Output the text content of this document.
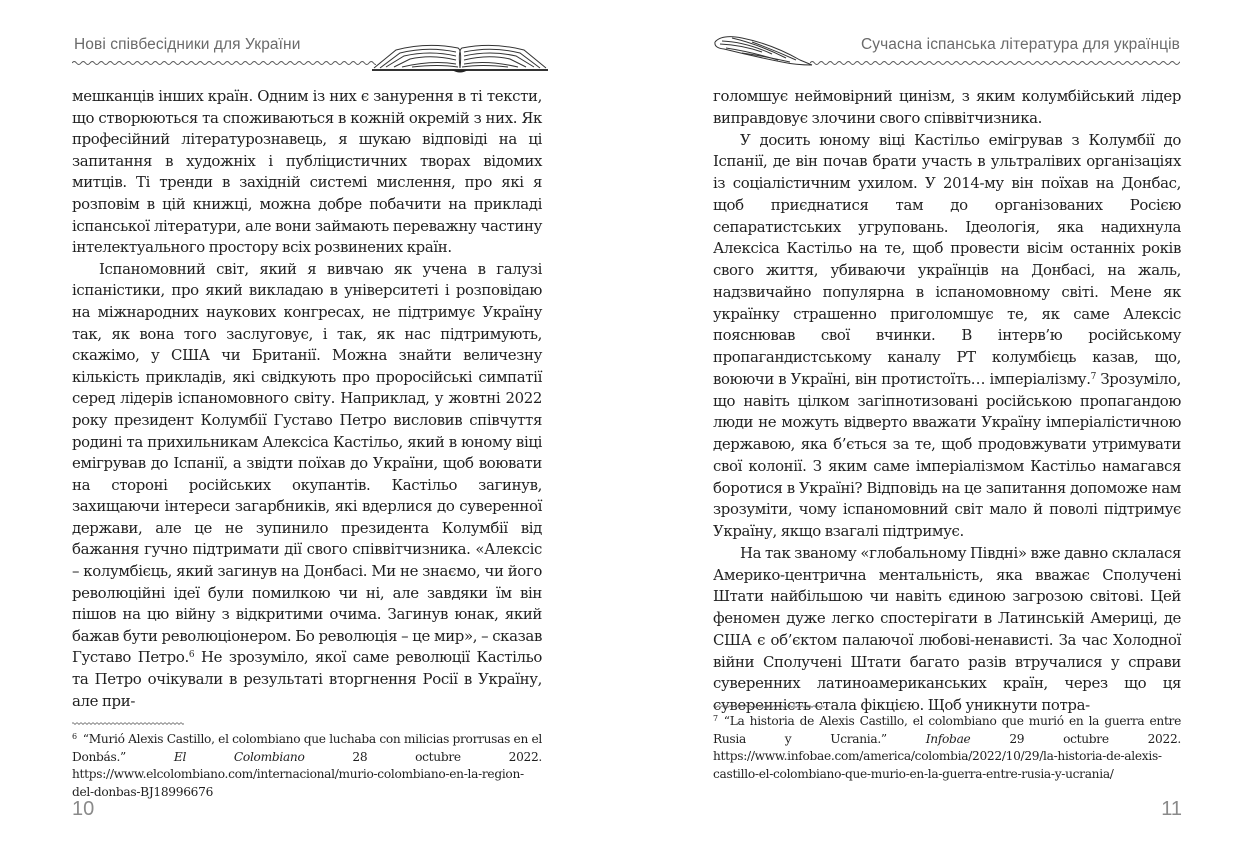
Нові співбесідники для України

мешканців інших країн. Одним із них є занурення в ті тексти, що створюються та споживаються в кожній окремій з них. Як професійний літературознавець, я шукаю відповіді на ці запитання в художніх і публіцистичних творах відомих митців. Ті тренди в західній системі мислення, про які я розповім в цій книжці, можна добре побачити на прикладі іспанської літератури, але вони займають переважну частину інтелектуального простору всіх розвинених країн.

Іспаномовний світ, який я вивчаю як учена в галузі іспаністики, про який викладаю в університеті і розповідаю на міжнародних наукових конгресах, не підтримує Україну так, як вона того заслуговує, і так, як нас підтримують, скажімо, у США чи Британії. Можна знайти величезну кількість прикладів, які свідкують про проросійські симпатії серед лідерів іспаномовного світу. Наприклад, у жовтні 2022 року президент Колумбії Густаво Петро висловив співчуття родині та прихильникам Алексіса Кастільо, який в юному віці емігрував до Іспанії, а звідти поїхав до України, щоб воювати на стороні російських окупантів. Кастільо загинув, захищаючи інтереси загарбників, які вдерлися до суверенної держави, але це не зупинило президента Колумбії від бажання гучно підтримати дії свого співвітчизника. «Алексіс – колумбієць, який загинув на Донбасі. Ми не знаємо, чи його революційні ідеї були помилкою чи ні, але завдяки їм він пішов на цю війну з відкритими очима. Загинув юнак, який бажав бути революціонером. Бо революція – це мир», – сказав Густаво Петро.$^6$ Не зрозуміло, якої саме революції Кастільо та Петро очікували в результаті вторгнення Росії в Україну, але при-

$^6$ “Murió Alexis Castillo, el colombiano que luchaba con milicias prorrusas en el Donbás.”	El Colombiano 28 octubre 2022. https://www.elcolombiano.com/internacional/murio-colombiano-en-la-region-del-donbas-BJ18996676
10
Сучасна іспанська література для українців

голомшує неймовірний цинізм, з яким колумбійський лідер виправдовує злочини свого співвітчизника.

У досить юному віці Кастільо емігрував з Колумбії до Іспанії, де він почав брати участь в ультралівих організаціях із соціалістичним ухилом. У 2014-му він поїхав на Донбас, щоб приєднатися там до організованих Росією сепаратистських угруповань. Ідеологія, яка надихнула Алексіса Кастільо на те, щоб провести вісім останніх років свого життя, убиваючи українців на Донбасі, на жаль, надзвичайно популярна в іспаномовному світі. Мене як українку страшенно приголомшує те, як саме Алексіс пояснював свої вчинки. В інтерв’ю російському пропагандистському каналу РТ колумбієць казав, що, воюючи в Україні, він протистоїть… імперіалізму.$^7$ Зрозуміло, що навіть цілком загіпнотизовані російською пропагандою люди не можуть відверто вважати Україну імперіалістичною державою, яка б’ється за те, щоб продовжувати утримувати свої колонії. З яким саме імперіалізмом Кастільо намагався боротися в Україні? Відповідь на це запитання допоможе нам зрозуміти, чому іспаномовний світ мало й поволі підтримує Україну, якщо взагалі підтримує.

На так званому «глобальному Півдні» вже давно склалася Америко-центрична ментальність, яка вважає Сполучені Штати найбільшою чи навіть єдиною загрозою світові. Цей феномен дуже легко спостерігати в Латинській Америці, де США є об’єктом палаючої любові-ненависті. За час Холодної війни Сполучені Штати багато разів втручалися у справи суверенних латиноамериканських країн, через що ця суверенність стала фікцією. Щоб уникнути потра-

$^7$ “La historia de Alexis Castillo, el colombiano que murió en la guerra entre Rusia y Ucrania.”	Infobae 29 octubre 2022. https://www.infobae.com/america/colombia/2022/10/29/la-historia-de-alexis-castillo-el-colombiano-que-murio-en-la-guerra-entre-rusia-y-ucrania/
11
